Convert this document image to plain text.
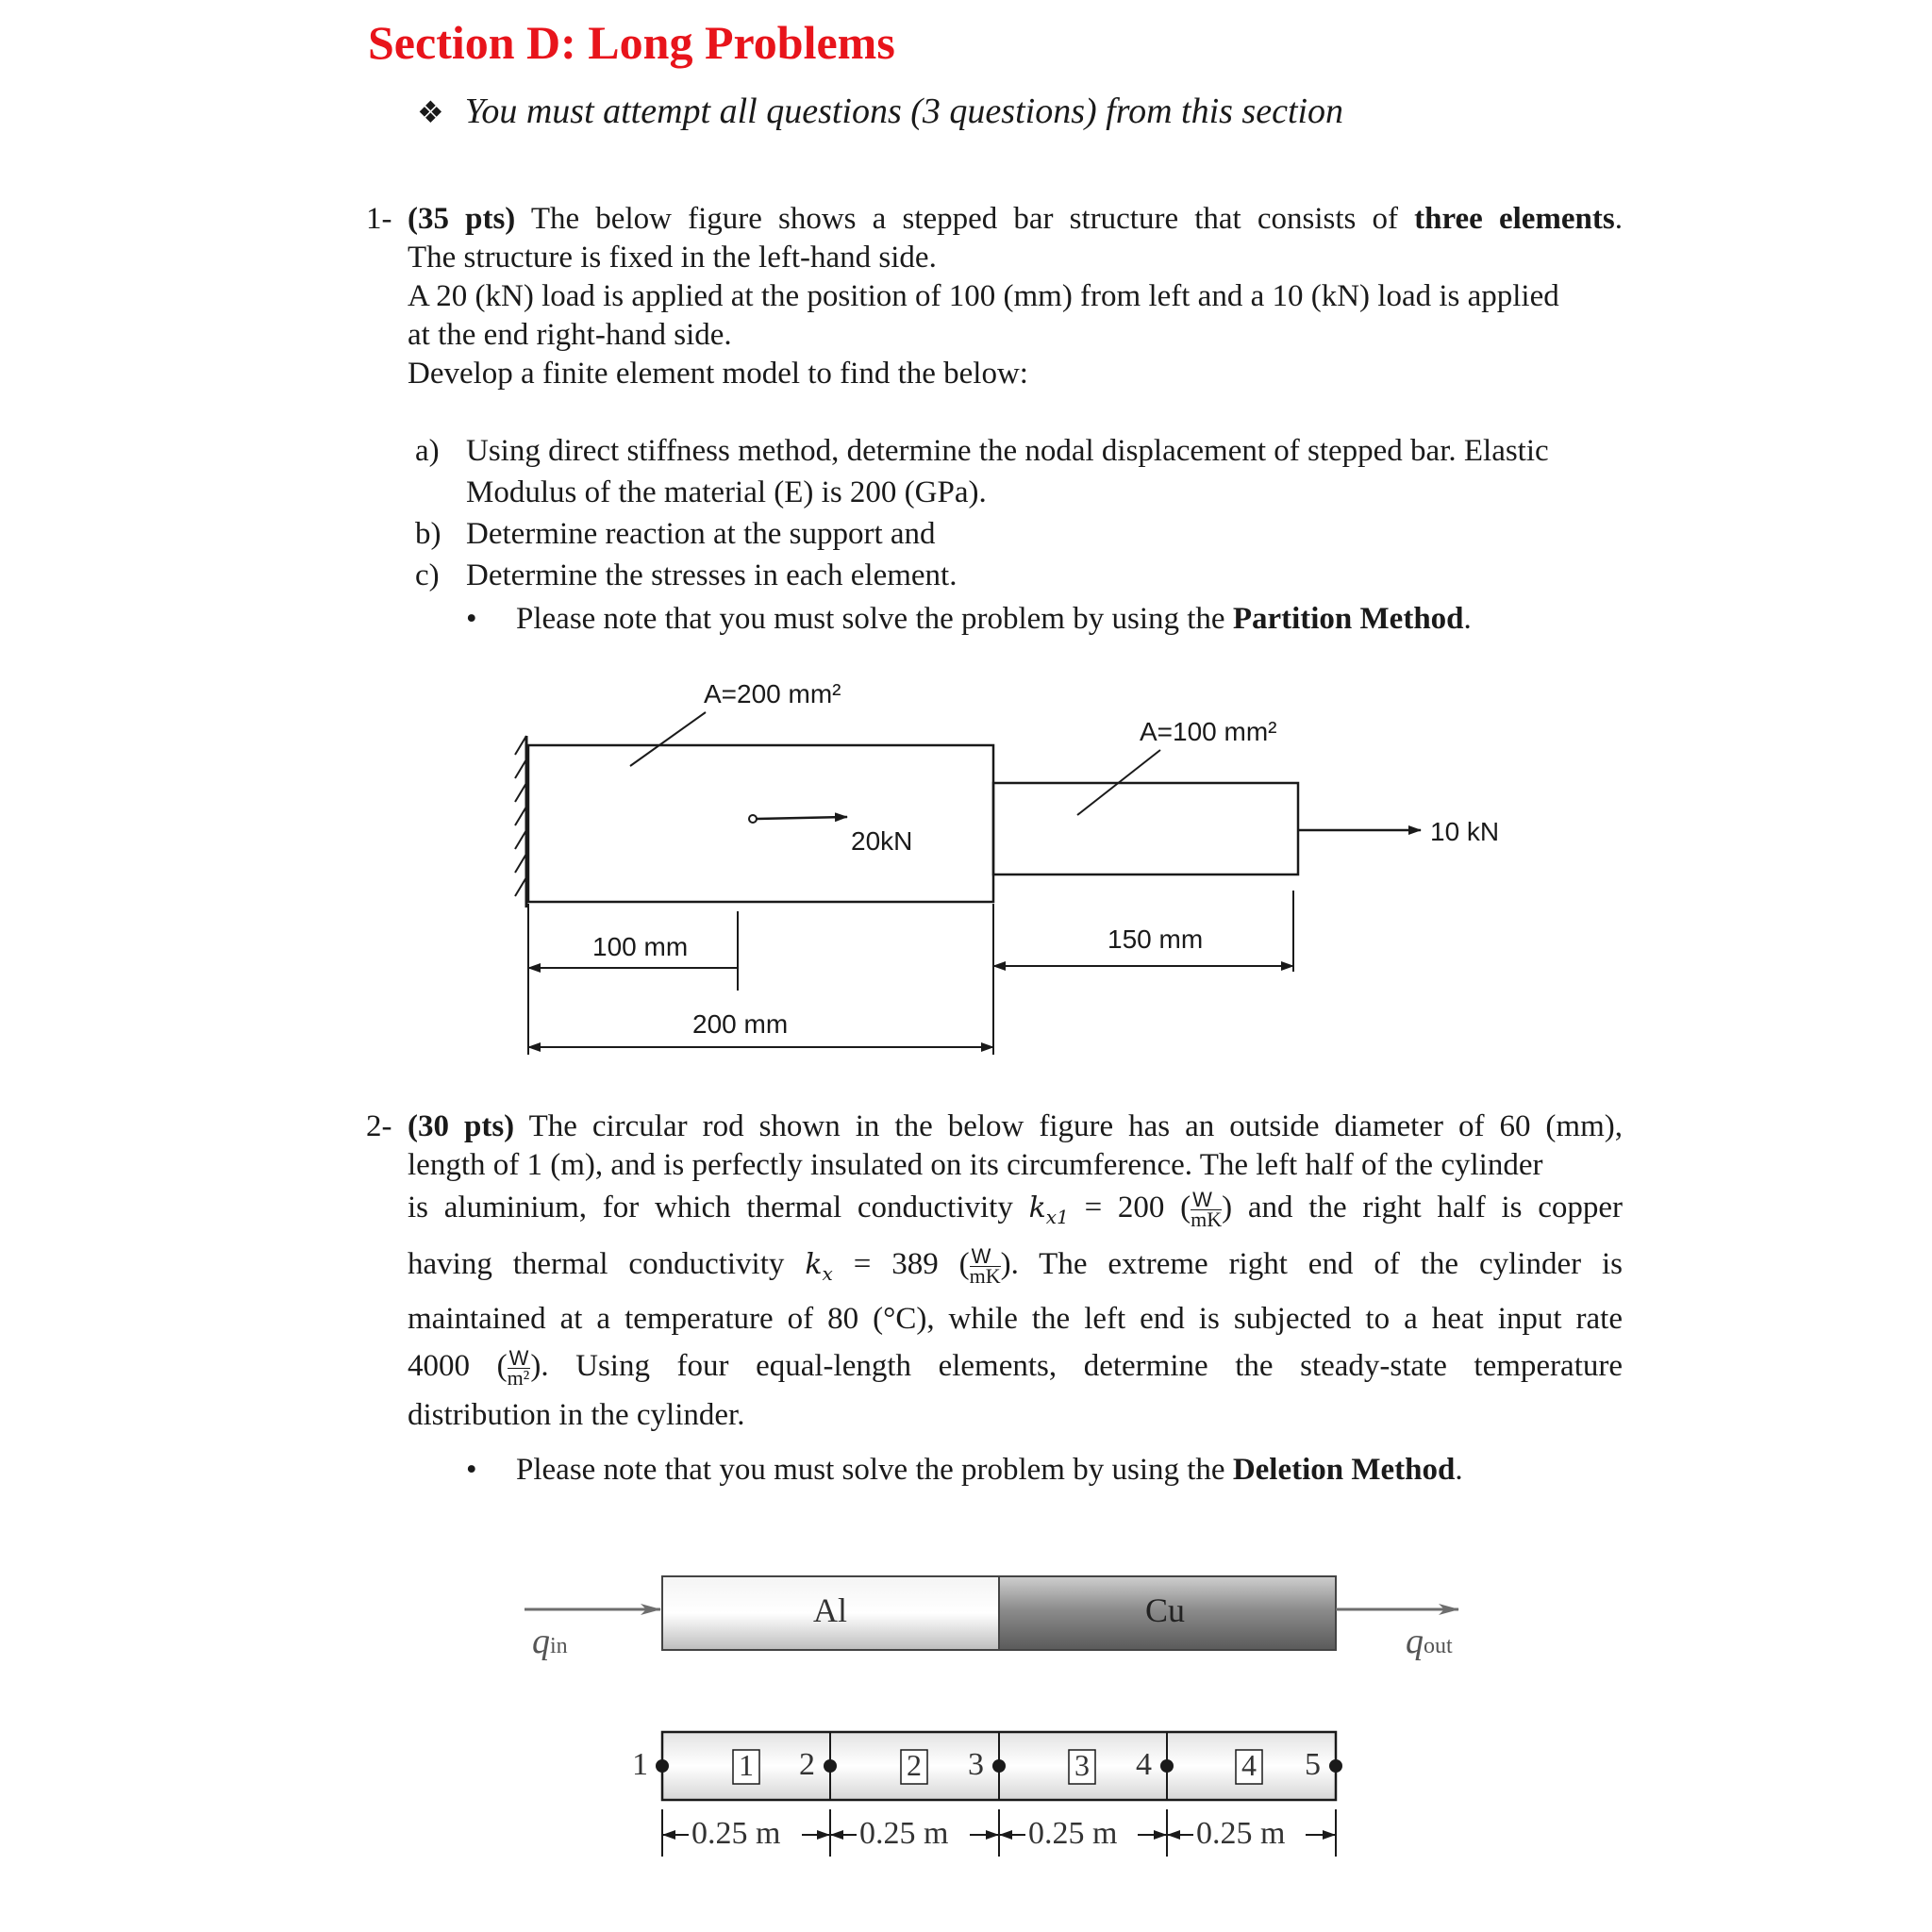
Section D: Long Problems
❖ You must attempt all questions (3 questions) from this section
1- (35 pts) The below figure shows a stepped bar structure that consists of three elements.
The structure is fixed in the left-hand side.
A 20 (kN) load is applied at the position of 100 (mm) from left and a 10 (kN) load is applied
at the end right-hand side.
Develop a finite element model to find the below:
a) Using direct stiffness method, determine the nodal displacement of stepped bar. Elastic
Modulus of the material (E) is 200 (GPa).
b) Determine reaction at the support and
c) Determine the stresses in each element.
• Please note that you must solve the problem by using the Partition Method.
A=200 mm²
A=100 mm²
20kN	10 kN
100 mm	150 mm
200 mm
2- (30 pts) The circular rod shown in the below figure has an outside diameter of 60 (mm),
length of 1 (m), and is perfectly insulated on its circumference. The left half of the cylinder
is aluminium, for which thermal conductivity $k_{x1} = 200$ ( $\frac{W}{mK}$ ) and the right half is copper
having thermal conductivity $k_x = 389$ ( $\frac{W}{mK}$ ). The extreme right end of the cylinder is
maintained at a temperature of 80 (°C), while the left end is subjected to a heat input rate
4000 ( $\frac{W}{\text{m²}}$ ). Using four equal-length elements, determine the steady-state temperature
distribution in the cylinder.
• Please note that you must solve the problem by using the Deletion Method.
qin	qout
Al	Cu
1	2	3	4	5
1	2	3	4
0.25 m 0.25 m 0.25 m 0.25 m
